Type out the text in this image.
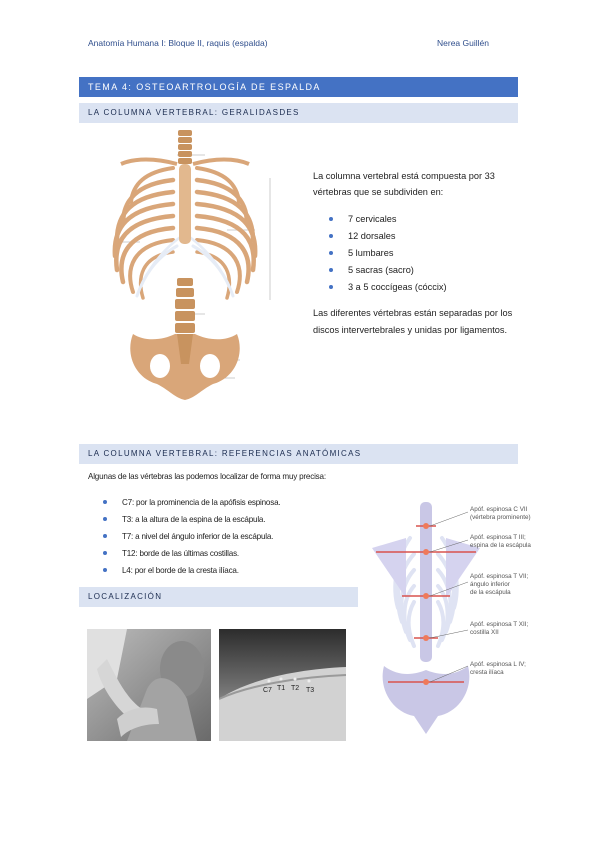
Anatomía Humana I: Bloque II, raquis (espalda)	Nerea Guillén
TEMA 4: OSTEOARTROLOGÍA DE ESPALDA
LA COLUMNA VERTEBRAL: GERALIDASDES
La columna vertebral está compuesta por 33
vértebras que se subdividen en:
7 cervicales
12 dorsales
5 lumbares
5 sacras (sacro)
3 a 5 coccígeas (cóccix)
Las diferentes vértebras están separadas por los
discos intervertebrales y unidas por ligamentos.
LA COLUMNA VERTEBRAL: REFERENCIAS ANATÓMICAS
Algunas de las vértebras las podemos localizar de forma muy precisa:
C7: por la prominencia de la apófisis espinosa.
T3: a la altura de la espina de la escápula.
T7: a nivel del ángulo inferior de la escápula.
T12: borde de las últimas costillas.
L4: por el borde de la cresta ilíaca.
LOCALIZACIÓN
C7 T1 T2 T3
Apóf. espinosa C VII
(vértebra prominente)
Apóf. espinosa T III;
espina de la escápula
Apóf. espinosa T VII;
ángulo inferior
de la escápula
Apóf. espinosa T XII;
costilla XII
Apóf. espinosa L IV;
cresta ilíaca
